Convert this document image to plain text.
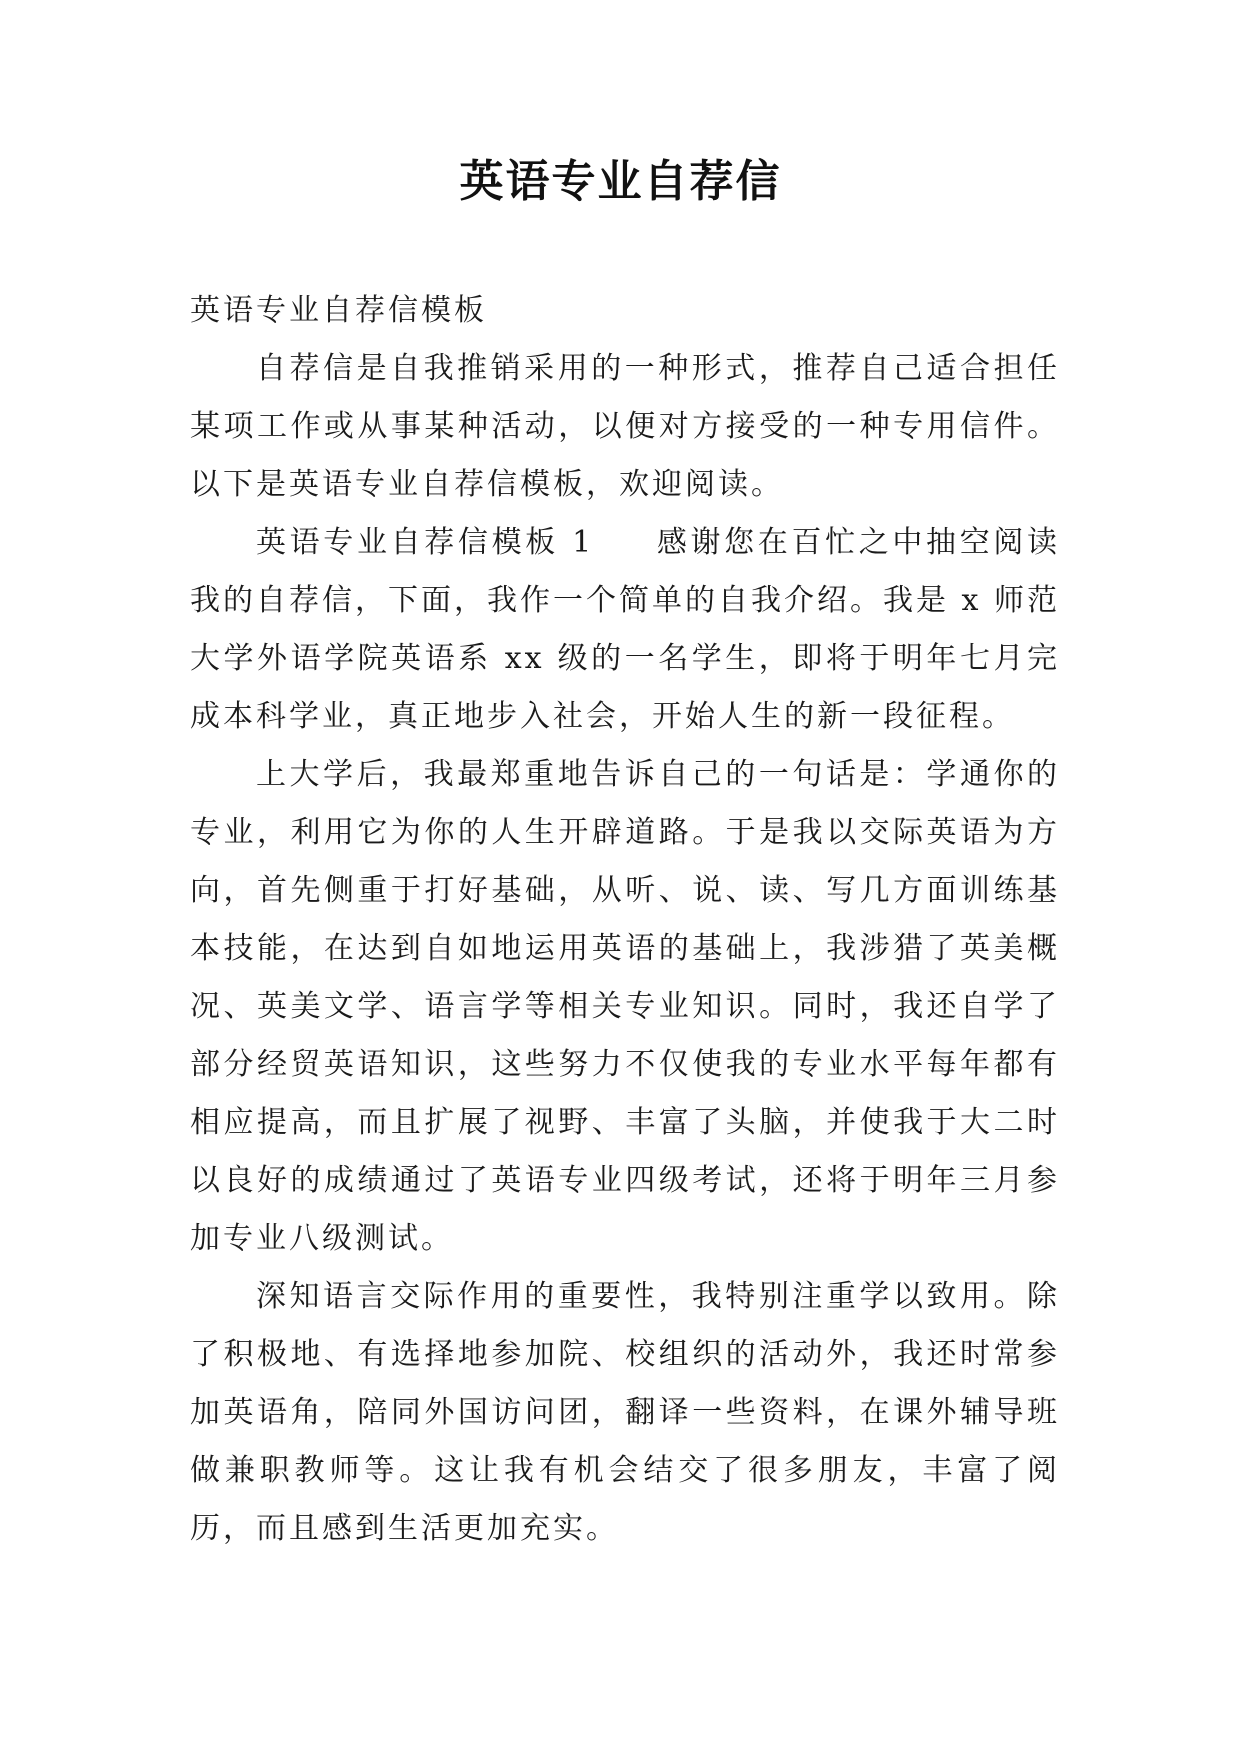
英语专业自荐信

英语专业自荐信模板

自荐信是自我推销采用的一种形式，推荐自己适合担任某项工作或从事某种活动，以便对方接受的一种专用信件。以下是英语专业自荐信模板，欢迎阅读。

英语专业自荐信模板 1 感谢您在百忙之中抽空阅读我的自荐信，下面，我作一个简单的自我介绍。我是 x 师范大学外语学院英语系 xx 级的一名学生，即将于明年七月完成本科学业，真正地步入社会，开始人生的新一段征程。

上大学后，我最郑重地告诉自己的一句话是：学通你的专业，利用它为你的人生开辟道路。于是我以交际英语为方向，首先侧重于打好基础，从听、说、读、写几方面训练基本技能，在达到自如地运用英语的基础上，我涉猎了英美概况、英美文学、语言学等相关专业知识。同时，我还自学了部分经贸英语知识，这些努力不仅使我的专业水平每年都有相应提高，而且扩展了视野、丰富了头脑，并使我于大二时以良好的成绩通过了英语专业四级考试，还将于明年三月参加专业八级测试。

深知语言交际作用的重要性，我特别注重学以致用。除了积极地、有选择地参加院、校组织的活动外，我还时常参加英语角，陪同外国访问团，翻译一些资料，在课外辅导班做兼职教师等。这让我有机会结交了很多朋友，丰富了阅历，而且感到生活更加充实。
